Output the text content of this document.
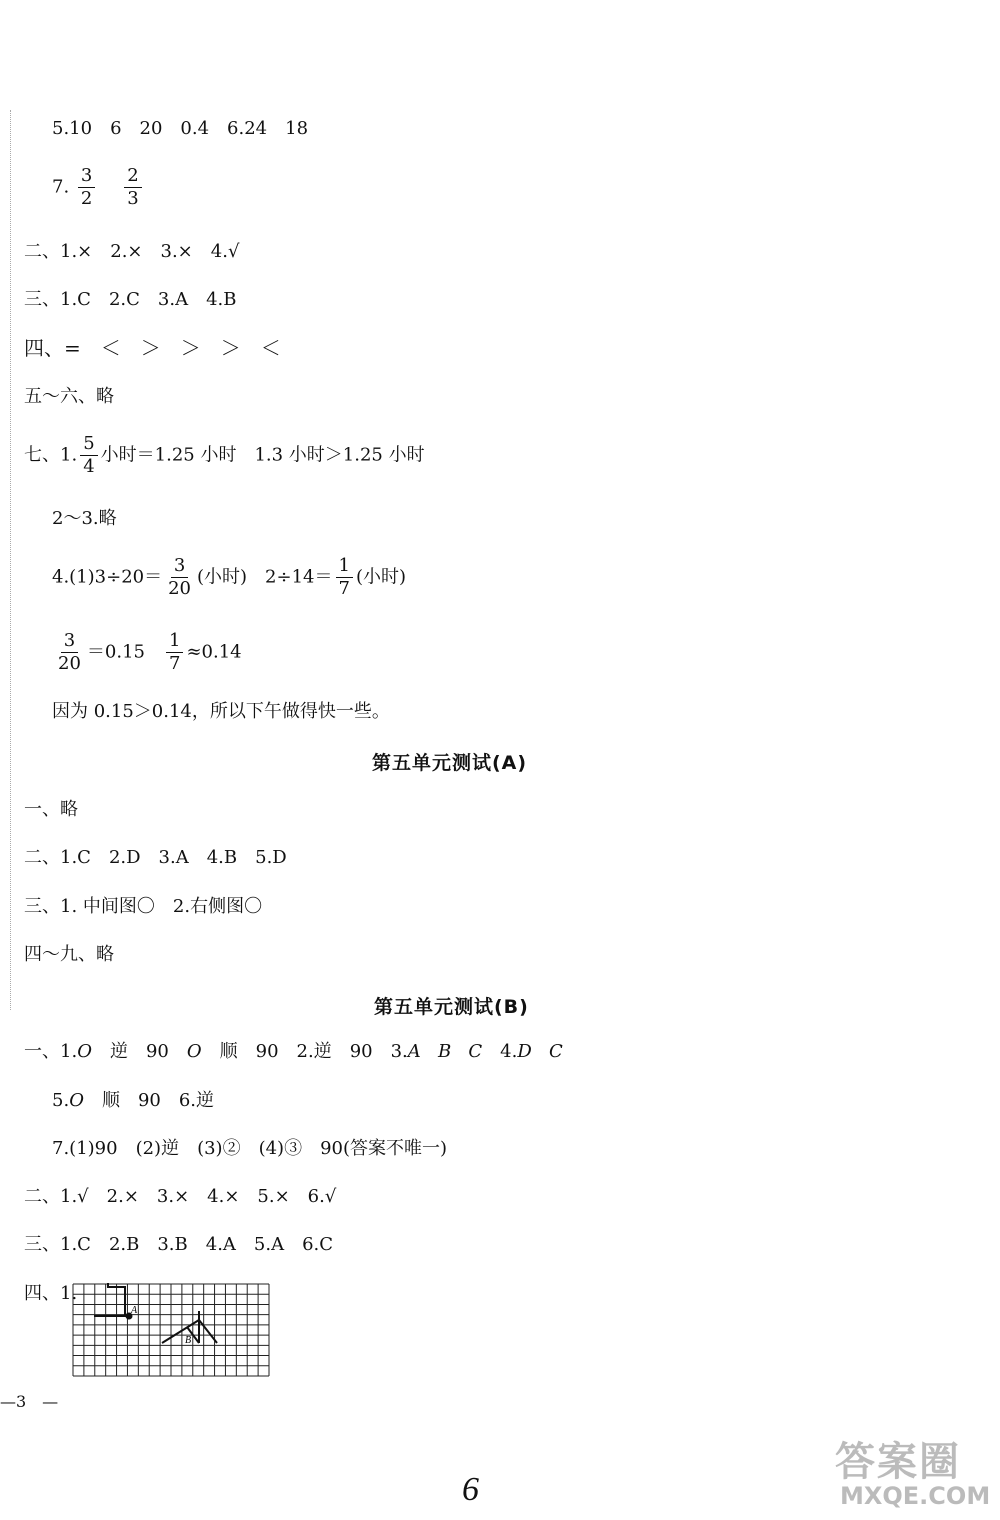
5.10　6　20　0.4　6.24　18
7. $\frac{3}{2}$
$\frac{2}{3}$
二、1.×　2.×　3.×　4.√
三、1.C　2.C　3.A　4.B
四、=　＜　＞　＞　＞　＜
五～六、略
七、1. $\frac{5}{4}$ 小时＝1.25 小时　1.3 小时＞1.25 小时
2～3.略
$4.(1)3\div 20= \frac{3}{20}$ (小时)　$2\div 14= \frac{1}{7}$ (小时)
$\frac{3}{20} =0.15$　 $\frac{1}{7} \approx 0.14$
因为 0.15＞0.14，所以下午做得快一些。
第五单元测试(A)
一、略
二、1.C　2.D　3.A　4.B　5.D
三、1. 中间图〇　2.右侧图〇
四～九、略
第五单元测试(B)
一、1.O　逆　90　O　顺　90　2.逆　90　3.A B C　4.D C
5.O　顺　90　6.逆
7.(1)90　(2)逆　(3)②　(4)③　90(答案不唯一)
二、1.√　2.×　3.×　4.×　5.×　6.√
三、1.C　2.B　3.B　4.A　5.A　6.C
四、1.
A
B
—3　—
6
答案圈
MXQE.COM
